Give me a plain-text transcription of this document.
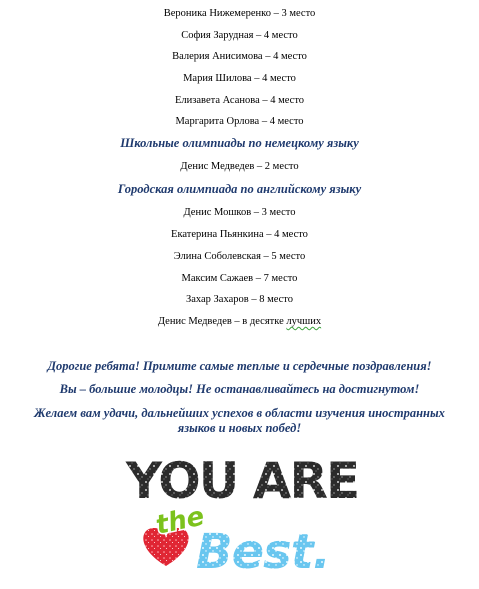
Вероника Нижемеренко – 3 место
София Зарудная – 4 место
Валерия Анисимова – 4 место
Мария Шилова – 4 место
Елизавета Асанова – 4 место
Маргарита Орлова – 4 место
Школьные олимпиады по немецкому языку
Денис Медведев – 2 место
Городская олимпиада по английскому языку
Денис Мошков – 3 место
Екатерина Пьянкина – 4 место
Элина Соболевская – 5 место
Максим Сажаев – 7 место
Захар Захаров – 8 место
Денис Медведев – в десятке лучших
Дорогие ребята! Примите самые теплые и сердечные поздравления!
Вы – большие молодцы! Не останавливайтесь на достигнутом!
Желаем вам удачи, дальнейших успехов в области изучения иностранных языков и новых побед!
YOU ARE
the
Best.
